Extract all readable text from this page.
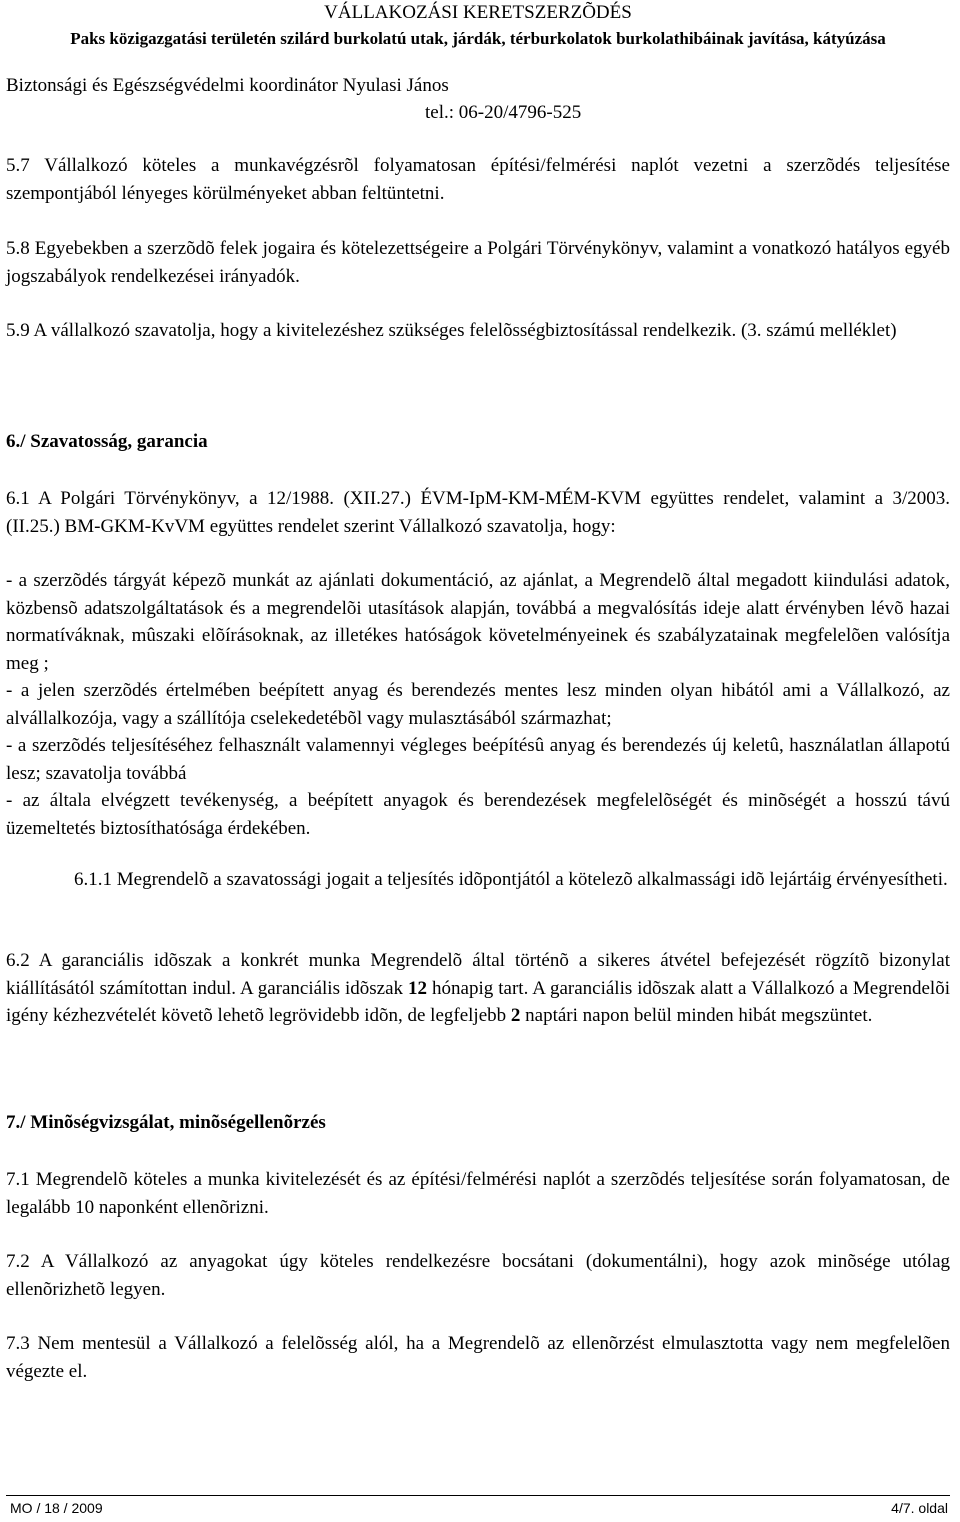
VÁLLAKOZÁSI KERETSZERZÕDÉS
Paks közigazgatási területén szilárd burkolatú utak, járdák, térburkolatok burkolathibáinak javítása, kátyúzása
Biztonsági és Egészségvédelmi koordinátor Nyulasi János
tel.: 06-20/4796-525
5.7 Vállalkozó köteles a munkavégzésrõl folyamatosan építési/felmérési naplót vezetni a szerzõdés teljesítése szempontjából lényeges körülményeket abban feltüntetni.
5.8 Egyebekben a szerzõdõ felek jogaira és kötelezettségeire a Polgári Törvénykönyv, valamint a vonatkozó hatályos egyéb jogszabályok rendelkezései irányadók.
5.9 A vállalkozó szavatolja, hogy a kivitelezéshez szükséges felelõsségbiztosítással rendelkezik. (3. számú melléklet)
6./ Szavatosság, garancia
6.1 A Polgári Törvénykönyv, a 12/1988. (XII.27.) ÉVM-IpM-KM-MÉM-KVM együttes rendelet, valamint a 3/2003. (II.25.) BM-GKM-KvVM együttes rendelet szerint Vállalkozó szavatolja, hogy:
- a szerzõdés tárgyát képezõ munkát az ajánlati dokumentáció, az ajánlat, a Megrendelõ által megadott kiindulási adatok, közbensõ adatszolgáltatások és a megrendelõi utasítások alapján, továbbá a megvalósítás ideje alatt érvényben lévõ hazai normatíváknak, mûszaki elõírásoknak, az illetékes hatóságok követelményeinek és szabályzatainak megfelelõen valósítja meg ;
- a jelen szerzõdés értelmében beépített anyag és berendezés mentes lesz minden olyan hibától ami a Vállalkozó, az alvállalkozója, vagy a szállítója cselekedetébõl vagy mulasztásából származhat;
- a szerzõdés teljesítéséhez felhasznált valamennyi végleges beépítésû anyag és berendezés új keletû, használatlan állapotú lesz; szavatolja továbbá
- az általa elvégzett tevékenység, a beépített anyagok és berendezések megfelelõségét és minõségét a hosszú távú üzemeltetés biztosíthatósága érdekében.
6.1.1 Megrendelõ a szavatossági jogait a teljesítés idõpontjától a kötelezõ alkalmassági idõ lejártáig érvényesítheti.
6.2 A garanciális idõszak a konkrét munka Megrendelõ által történõ a sikeres átvétel befejezését rögzítõ bizonylat kiállításától számítottan indul. A garanciális idõszak 12 hónapig tart. A garanciális idõszak alatt a Vállalkozó a Megrendelõi igény kézhezvételét követõ lehetõ legrövidebb idõn, de legfeljebb 2 naptári napon belül minden hibát megszüntet.
7./ Minõségvizsgálat, minõségellenõrzés
7.1 Megrendelõ köteles a munka kivitelezését és az építési/felmérési naplót a szerzõdés teljesítése során folyamatosan, de legalább 10 naponként ellenõrizni.
7.2 A Vállalkozó az anyagokat úgy köteles rendelkezésre bocsátani (dokumentálni), hogy azok minõsége utólag ellenõrizhetõ legyen.
7.3 Nem mentesül a Vállalkozó a felelõsség alól, ha a Megrendelõ az ellenõrzést elmulasztotta vagy nem megfelelõen végezte el.
MO / 18 / 2009	4/7. oldal
